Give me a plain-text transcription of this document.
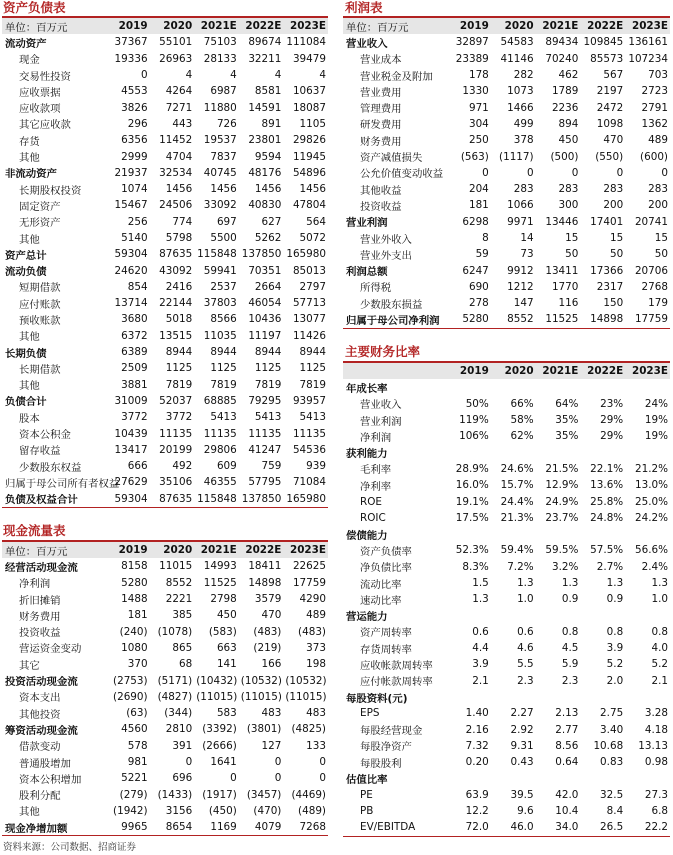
资产负债表
单位：百万元	2019	2020	2021E	2022E	2023E
流动资产	37367	55101	75103	89674	111084
现金	19336	26963	28133	32211	39479
交易性投资	0	4	4	4	4
应收票据	4553	4264	6987	8581	10637
应收款项	3826	7271	11880	14591	18087
其它应收款	296	443	726	891	1105
存货	6356	11452	19537	23801	29826
其他	2999	4704	7837	9594	11945
非流动资产	21937	32534	40745	48176	54896
长期股权投资	1074	1456	1456	1456	1456
固定资产	15467	24506	33092	40830	47804
无形资产	256	774	697	627	564
其他	5140	5798	5500	5262	5072
资产总计	59304	87635	115848	137850	165980
流动负债	24620	43092	59941	70351	85013
短期借款	854	2416	2537	2664	2797
应付账款	13714	22144	37803	46054	57713
预收账款	3680	5018	8566	10436	13077
其他	6372	13515	11035	11197	11426
长期负债	6389	8944	8944	8944	8944
长期借款	2509	1125	1125	1125	1125
其他	3881	7819	7819	7819	7819
负债合计	31009	52037	68885	79295	93957
股本	3772	3772	5413	5413	5413
资本公积金	10439	11135	11135	11135	11135
留存收益	13417	20199	29806	41247	54536
少数股东权益	666	492	609	759	939
归属于母公司所有者权益	27629	35106	46355	57795	71084
负债及权益合计	59304	87635	115848	137850	165980
现金流量表
单位：百万元	2019	2020	2021E	2022E	2023E
经营活动现金流	8158	11015	14993	18411	22625
净利润	5280	8552	11525	14898	17759
折旧摊销	1488	2221	2798	3579	4290
财务费用	181	385	450	470	489
投资收益	(240)	(1078)	(583)	(483)	(483)
营运资金变动	1080	865	663	(219)	373
其它	370	68	141	166	198
投资活动现金流	(2753)	(5171)	(10432)	(10532)	(10532)
资本支出	(2690)	(4827)	(11015)	(11015)	(11015)
其他投资	(63)	(344)	583	483	483
筹资活动现金流	4560	2810	(3392)	(3801)	(4825)
借款变动	578	391	(2666)	127	133
普通股增加	981	0	1641	0	0
资本公积增加	5221	696	0	0	0
股利分配	(279)	(1433)	(1917)	(3457)	(4469)
其他	(1942)	3156	(450)	(470)	(489)
现金净增加额	9965	8654	1169	4079	7268
利润表
单位：百万元	2019	2020	2021E	2022E	2023E
营业收入	32897	54583	89434	109845	136161
营业成本	23389	41146	70240	85573	107234
营业税金及附加	178	282	462	567	703
营业费用	1330	1073	1789	2197	2723
管理费用	971	1466	2236	2472	2791
研发费用	304	499	894	1098	1362
财务费用	250	378	450	470	489
资产减值损失	(563)	(1117)	(500)	(550)	(600)
公允价值变动收益	0	0	0	0	0
其他收益	204	283	283	283	283
投资收益	181	1066	300	200	200
营业利润	6298	9971	13446	17401	20741
营业外收入	8	14	15	15	15
营业外支出	59	73	50	50	50
利润总额	6247	9912	13411	17366	20706
所得税	690	1212	1770	2317	2768
少数股东损益	278	147	116	150	179
归属于母公司净利润	5280	8552	11525	14898	17759
主要财务比率
	2019	2020	2021E	2022E	2023E
年成长率					
营业收入	50%	66%	64%	23%	24%
营业利润	119%	58%	35%	29%	19%
净利润	106%	62%	35%	29%	19%
获利能力					
毛利率	28.9%	24.6%	21.5%	22.1%	21.2%
净利率	16.0%	15.7%	12.9%	13.6%	13.0%
ROE	19.1%	24.4%	24.9%	25.8%	25.0%
ROIC	17.5%	21.3%	23.7%	24.8%	24.2%
偿债能力					
资产负债率	52.3%	59.4%	59.5%	57.5%	56.6%
净负债比率	8.3%	7.2%	3.2%	2.7%	2.4%
流动比率	1.5	1.3	1.3	1.3	1.3
速动比率	1.3	1.0	0.9	0.9	1.0
营运能力					
资产周转率	0.6	0.6	0.8	0.8	0.8
存货周转率	4.4	4.6	4.5	3.9	4.0
应收帐款周转率	3.9	5.5	5.9	5.2	5.2
应付帐款周转率	2.1	2.3	2.3	2.0	2.1
每股资料(元)					
EPS	1.40	2.27	2.13	2.75	3.28
每股经营现金	2.16	2.92	2.77	3.40	4.18
每股净资产	7.32	9.31	8.56	10.68	13.13
每股股利	0.20	0.43	0.64	0.83	0.98
估值比率					
PE	63.9	39.5	42.0	32.5	27.3
PB	12.2	9.6	10.4	8.4	6.8
EV/EBITDA	72.0	46.0	34.0	26.5	22.2
资料来源：公司数据、招商证券
